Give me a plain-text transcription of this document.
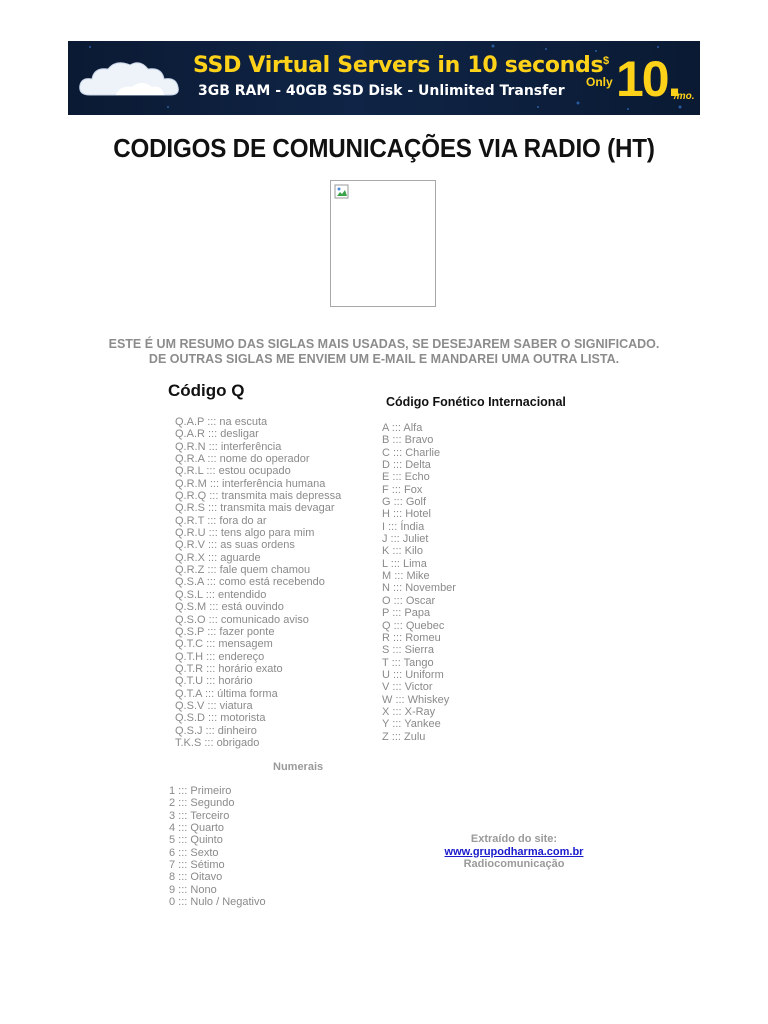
SSD Virtual Servers in 10 seconds
3GB RAM - 40GB SSD Disk - Unlimited Transfer
$
Only 10.
/mo.
CODIGOS DE COMUNICAÇÕES VIA RADIO (HT)
ESTE É UM RESUMO DAS SIGLAS MAIS USADAS, SE DESEJAREM SABER O SIGNIFICADO.
DE OUTRAS SIGLAS ME ENVIEM UM E-MAIL E MANDAREI UMA OUTRA LISTA.
Código Q
Q.A.P ::: na escuta
Q.A.R ::: desligar
Q.R.N ::: interferência
Q.R.A ::: nome do operador
Q.R.L ::: estou ocupado
Q.R.M ::: interferência humana
Q.R.Q ::: transmita mais depressa
Q.R.S ::: transmita mais devagar
Q.R.T ::: fora do ar
Q.R.U ::: tens algo para mim
Q.R.V ::: as suas ordens
Q.R.X ::: aguarde
Q.R.Z ::: fale quem chamou
Q.S.A ::: como está recebendo
Q.S.L ::: entendido
Q.S.M ::: está ouvindo
Q.S.O ::: comunicado aviso
Q.S.P ::: fazer ponte
Q.T.C ::: mensagem
Q.T.H ::: endereço
Q.T.R ::: horário exato
Q.T.U ::: horário
Q.T.A ::: última forma
Q.S.V ::: viatura
Q.S.D ::: motorista
Q.S.J ::: dinheiro
T.K.S ::: obrigado
Código Fonético Internacional
A ::: Alfa
B ::: Bravo
C ::: Charlie
D ::: Delta
E ::: Echo
F ::: Fox
G ::: Golf
H ::: Hotel
I ::: Índia
J ::: Juliet
K ::: Kilo
L ::: Lima
M ::: Mike
N ::: November
O ::: Oscar
P ::: Papa
Q ::: Quebec
R ::: Romeu
S ::: Sierra
T ::: Tango
U ::: Uniform
V ::: Victor
W ::: Whiskey
X ::: X-Ray
Y ::: Yankee
Z ::: Zulu
Numerais
1 ::: Primeiro
2 ::: Segundo
3 ::: Terceiro
4 ::: Quarto
5 ::: Quinto
6 ::: Sexto
7 ::: Sétimo
8 ::: Oitavo
9 ::: Nono
0 ::: Nulo / Negativo
Extraído do site:
www.grupodharma.com.br
Radiocomunicação
